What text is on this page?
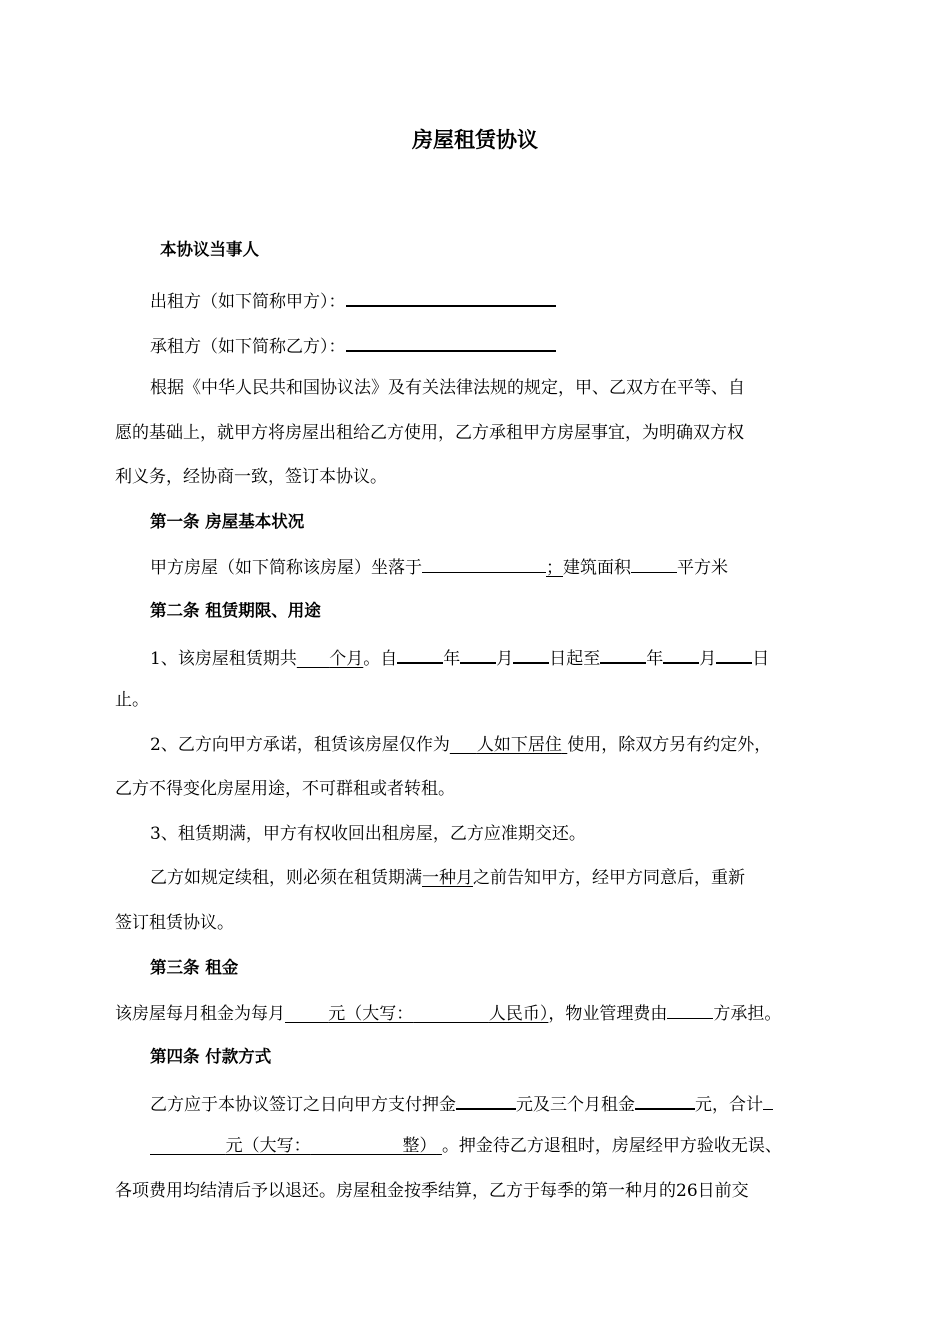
房屋租赁协议
本协议当事人
出租方（如下简称甲方）：
承租方（如下简称乙方）：
根据《中华人民共和国协议法》及有关法律法规的规定，甲、乙双方在平等、自
愿的基础上，就甲方将房屋出租给乙方使用，乙方承租甲方房屋事宜，为明确双方权
利义务，经协商一致，签订本协议。
第一条 房屋基本状况
甲方房屋（如下简称该房屋）坐落于	；建筑面积	平方米
第二条 租赁期限、用途
1、该房屋租赁期共 个月。自	年 月 日起至	年 月 日
止。
2、乙方向甲方承诺，租赁该房屋仅作为 人如下居住 使用，除双方另有约定外，
乙方不得变化房屋用途，不可群租或者转租。
3、租赁期满，甲方有权收回出租房屋，乙方应准期交还。
乙方如规定续租，则必须在租赁期满一种月之前告知甲方，经甲方同意后，重新
签订租赁协议。
第三条 租金
该房屋每月租金为每月	元（大写：	人民币），物业管理费由	方承担。
第四条 付款方式
乙方应于本协议签订之日向甲方支付押金	元及三个月租金	元，合计
元（大写：	整） 。押金待乙方退租时，房屋经甲方验收无误、
各项费用均结清后予以退还。房屋租金按季结算，乙方于每季的第一种月的26日前交
